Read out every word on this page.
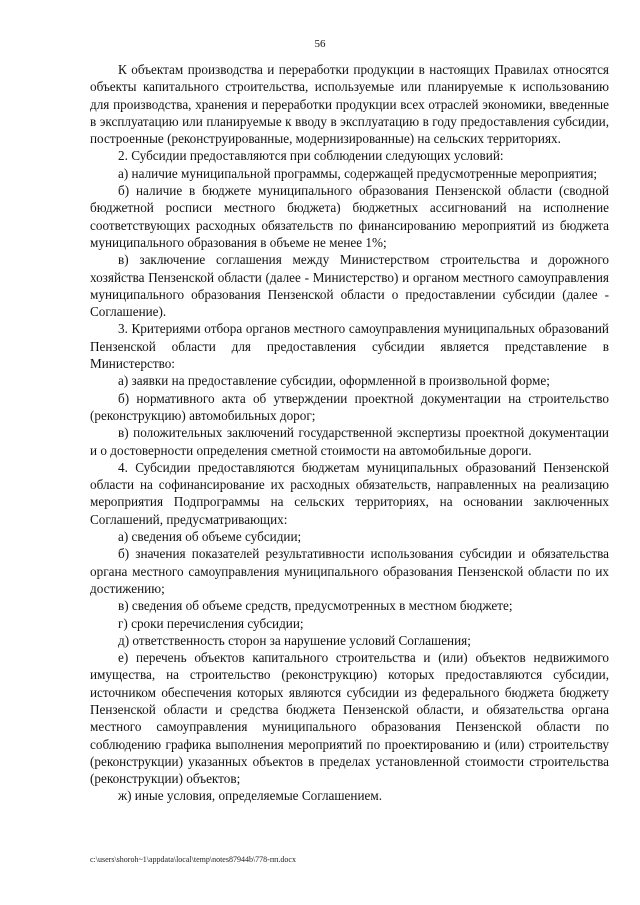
56

К объектам производства и переработки продукции в настоящих Правилах относятся объекты капитального строительства, используемые или планируемые к использованию для производства, хранения и переработки продукции всех отраслей экономики, введенные в эксплуатацию или планируемые к вводу в эксплуатацию в году предоставления субсидии, построенные (реконструированные, модернизированные) на сельских территориях.

2. Субсидии предоставляются при соблюдении следующих условий:

а) наличие муниципальной программы, содержащей предусмотренные мероприятия;

б) наличие в бюджете муниципального образования Пензенской области (сводной бюджетной росписи местного бюджета) бюджетных ассигнований на исполнение соответствующих расходных обязательств по финансированию мероприятий из бюджета муниципального образования в объеме не менее 1%;

в) заключение соглашения между Министерством строительства и дорожного хозяйства Пензенской области (далее - Министерство) и органом местного самоуправления муниципального образования Пензенской области о предоставлении субсидии (далее - Соглашение).

3. Критериями отбора органов местного самоуправления муниципальных образований Пензенской области для предоставления субсидии является представление в Министерство:

а) заявки на предоставление субсидии, оформленной в произвольной форме;

б) нормативного акта об утверждении проектной документации на строительство (реконструкцию) автомобильных дорог;

в) положительных заключений государственной экспертизы проектной документации и о достоверности определения сметной стоимости на автомобильные дороги.

4. Субсидии предоставляются бюджетам муниципальных образований Пензенской области на софинансирование их расходных обязательств, направленных на реализацию мероприятия Подпрограммы на сельских территориях, на основании заключенных Соглашений, предусматривающих:

а) сведения об объеме субсидии;

б) значения показателей результативности использования субсидии и обязательства органа местного самоуправления муниципального образования Пензенской области по их достижению;

в) сведения об объеме средств, предусмотренных в местном бюджете;

г) сроки перечисления субсидии;

д) ответственность сторон за нарушение условий Соглашения;

е) перечень объектов капитального строительства и (или) объектов недвижимого имущества, на строительство (реконструкцию) которых предоставляются субсидии, источником обеспечения которых являются субсидии из федерального бюджета бюджету Пензенской области и средства бюджета Пензенской области, и обязательства органа местного самоуправления муниципального образования Пензенской области по соблюдению графика выполнения мероприятий по проектированию и (или) строительству (реконструкции) указанных объектов в пределах установленной стоимости строительства (реконструкции) объектов;

ж) иные условия, определяемые Соглашением.

c:\users\shoroh~1\appdata\local\temp\notes87944b\778-пп.docx
